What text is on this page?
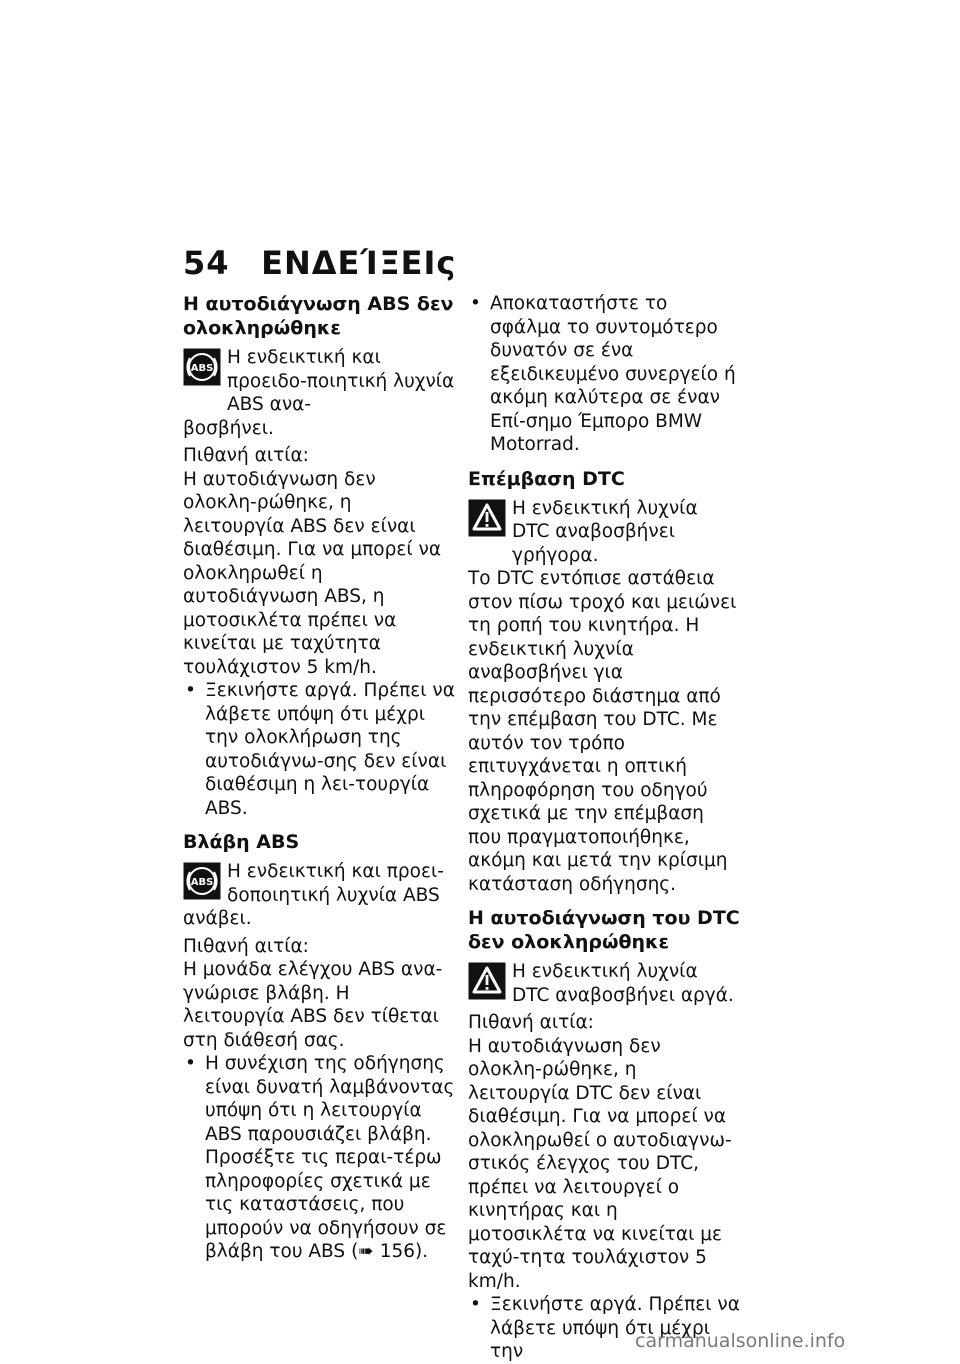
54 ΕΝΔΕΊΞΕΙς
Η αυτοδιάγνωση ABS δεν ολοκληρώθηκε
ABS
Η ενδεικτική και προειδο-ποιητική λυχνία ABS ανα-
βοσβήνει.
Πιθανή αιτία:
Η αυτοδιάγνωση δεν ολοκλη-ρώθηκε, η λειτουργία ABS δεν είναι διαθέσιμη. Για να μπορεί να ολοκληρωθεί η αυτοδιάγνωση ABS, η μοτοσικλέτα πρέπει να κινείται με ταχύτητα τουλάχιστον 5 km/h.
• Ξεκινήστε αργά. Πρέπει να λάβετε υπόψη ότι μέχρι την ολοκλήρωση της αυτοδιάγνω-σης δεν είναι διαθέσιμη η λει-τουργία ABS.
Βλάβη ABS
ABS
Η ενδεικτική και προει-δοποιητική λυχνία ABS
ανάβει.
Πιθανή αιτία:
Η μονάδα ελέγχου ABS ανα-γνώρισε βλάβη. Η λειτουργία ABS δεν τίθεται στη διάθεσή σας.
• Η συνέχιση της οδήγησης είναι δυνατή λαμβάνοντας υπόψη ότι η λειτουργία ABS παρουσιάζει βλάβη. Προσέξτε τις περαι-τέρω πληροφορίες σχετικά με τις καταστάσεις, που μπορούν να οδηγήσουν σε βλάβη του ABS (➠ 156).
• Αποκαταστήστε το σφάλμα το συντομότερο δυνατόν σε ένα εξειδικευμένο συνεργείο ή ακόμη καλύτερα σε έναν Επί-σημο Έμπορο BMW Motorrad.
Επέμβαση DTC
Η ενδεικτική λυχνία DTC αναβοσβήνει γρήγορα.
Το DTC εντόπισε αστάθεια στον πίσω τροχό και μειώνει τη ροπή του κινητήρα. Η ενδεικτική λυχνία αναβοσβήνει για περισσότερο διάστημα από την επέμβαση του DTC. Με αυτόν τον τρόπο επιτυγχάνεται η οπτική πληροφόρηση του οδηγού σχετικά με την επέμβαση που πραγματοποιήθηκε, ακόμη και μετά την κρίσιμη κατάσταση οδήγησης.
Η αυτοδιάγνωση του DTC δεν ολοκληρώθηκε
Η ενδεικτική λυχνία DTC αναβοσβήνει αργά.
Πιθανή αιτία:
Η αυτοδιάγνωση δεν ολοκλη-ρώθηκε, η λειτουργία DTC δεν είναι διαθέσιμη. Για να μπορεί να ολοκληρωθεί ο αυτοδιαγνω-στικός έλεγχος του DTC, πρέπει να λειτουργεί ο κινητήρας και η μοτοσικλέτα να κινείται με ταχύ-τητα τουλάχιστον 5 km/h.
• Ξεκινήστε αργά. Πρέπει να λάβετε υπόψη ότι μέχρι την	carmanualsonline.info
